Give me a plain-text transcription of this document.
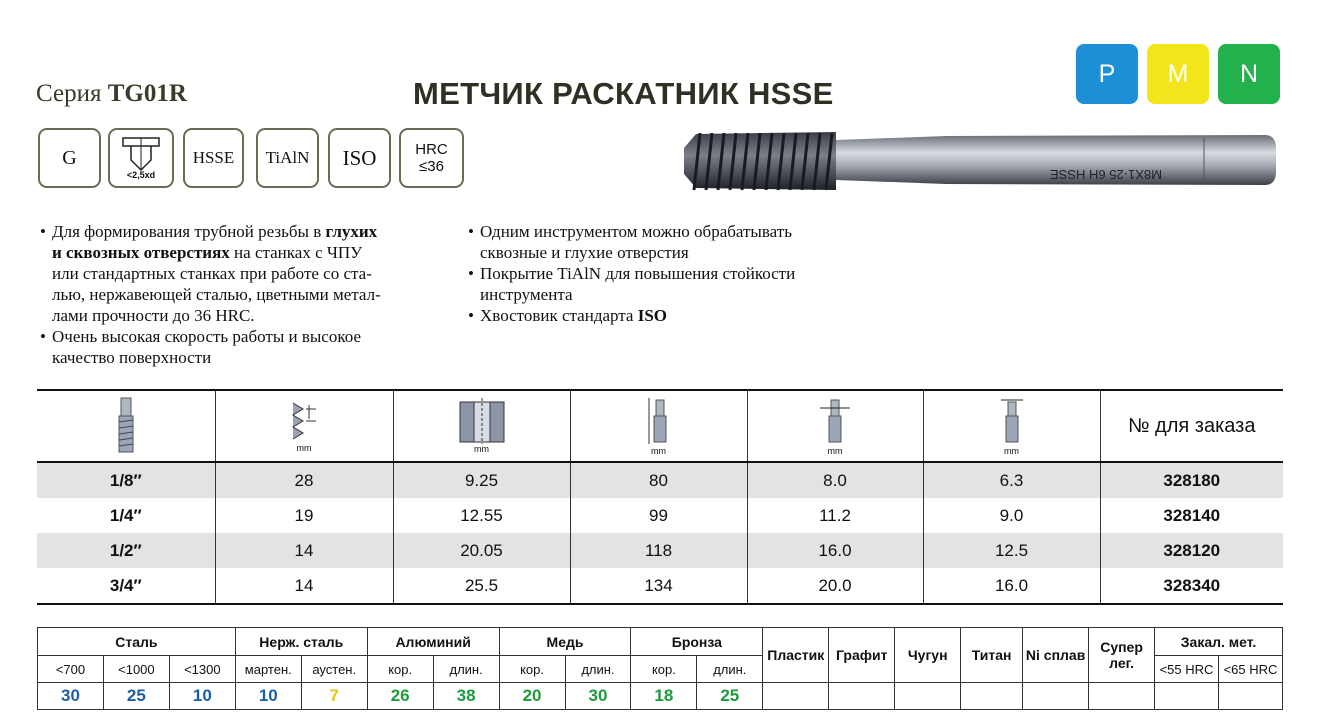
Серия TG01R	МЕТЧИК РАСКАТНИК HSSE
P	M	N
G
<2,5xd
HSSE TiAlN ISO	HRC
≤36	M8X1·25 6H HSSE
• Для формирования трубной резьбы в глухих
и сквозных отверстиях на станках с ЧПУ
или стандартных станках при работе со ста-
лью, нержавеющей сталью, цветными метал-
лами прочности до 36 HRC.
• Очень высокая скорость работы и высокое
качество поверхности
• Одним инструментом можно обрабатывать
сквозные и глухие отверстия
• Покрытие TiAlN для повышения стойкости
инструмента
• Хвостовик стандарта ISO

mm	mm	mm	mm	mm	№ для заказа
1/8″	28	9.25	80	8.0	6.3	328180
1/4″	19	12.55	99	11.2	9.0	328140
1/2″	14	20.05	118	16.0	12.5	328120
3/4″	14	25.5	134	20.0	16.0	328340
Сталь			Нерж. сталь		Алюминий		Медь		Бронза		Пластик	Графит	Чугун	Титан	Ni сплав	Супер лег.	Закал. мет.	
<700	<1000	<1300	мартен.	аустен.	кор.	длин.	кор.	длин.	кор.	длин.							<55 HRC	<65 HRC
30	25	10	10	7	26	38	20	30	18	25								
